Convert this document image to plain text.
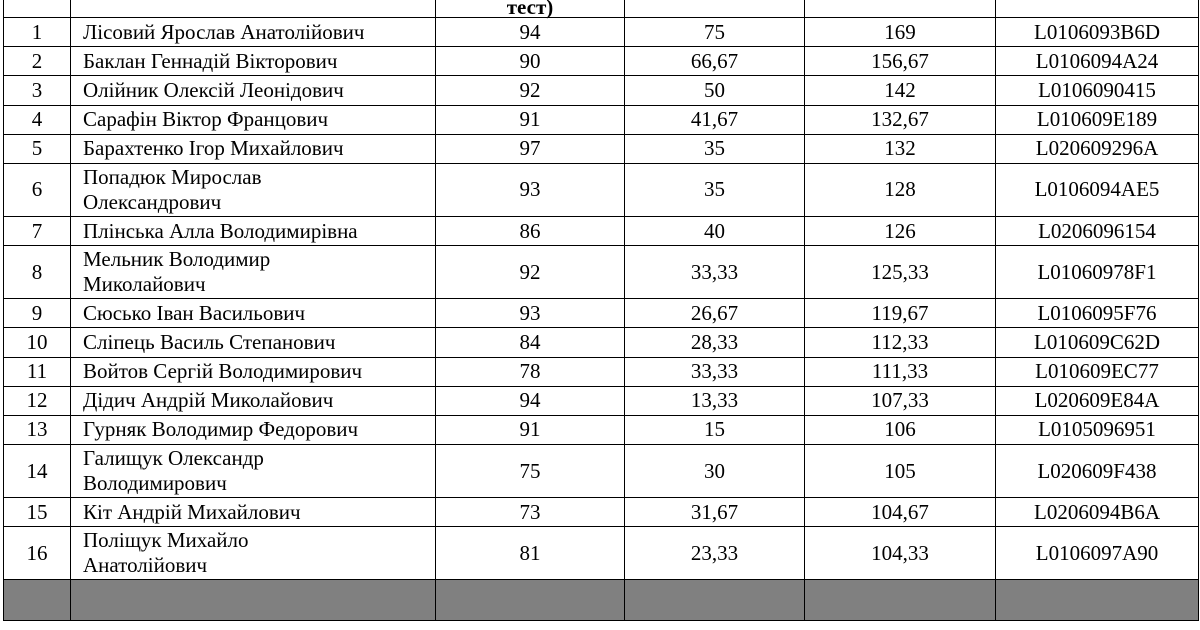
		тест)			
1	Лісовий Ярослав Анатолійович	94	75	169	L0106093B6D
2	Баклан Геннадій Вікторович	90	66,67	156,67	L0106094A24
3	Олійник Олексій Леонідович	92	50	142	L0106090415
4	Сарафін Віктор Францович	91	41,67	132,67	L010609E189
5	Барахтенко Ігор Михайлович	97	35	132	L020609296A
6	Попадюк Мирослав
Олександрович	93	35	128	L0106094AE5
7	Плінська Алла Володимирівна	86	40	126	L0206096154
8	Мельник Володимир
Миколайович	92	33,33	125,33	L01060978F1
9	Сюсько Іван Васильович	93	26,67	119,67	L0106095F76
10	Сліпець Василь Степанович	84	28,33	112,33	L010609C62D
11	Войтов Сергій Володимирович	78	33,33	111,33	L010609EC77
12	Дідич Андрій Миколайович	94	13,33	107,33	L020609E84A
13	Гурняк Володимир Федорович	91	15	106	L0105096951
14	Галищук Олександр
Володимирович	75	30	105	L020609F438
15	Кіт Андрій Михайлович	73	31,67	104,67	L0206094B6A
16	Поліщук Михайло
Анатолійович	81	23,33	104,33	L0106097A90
